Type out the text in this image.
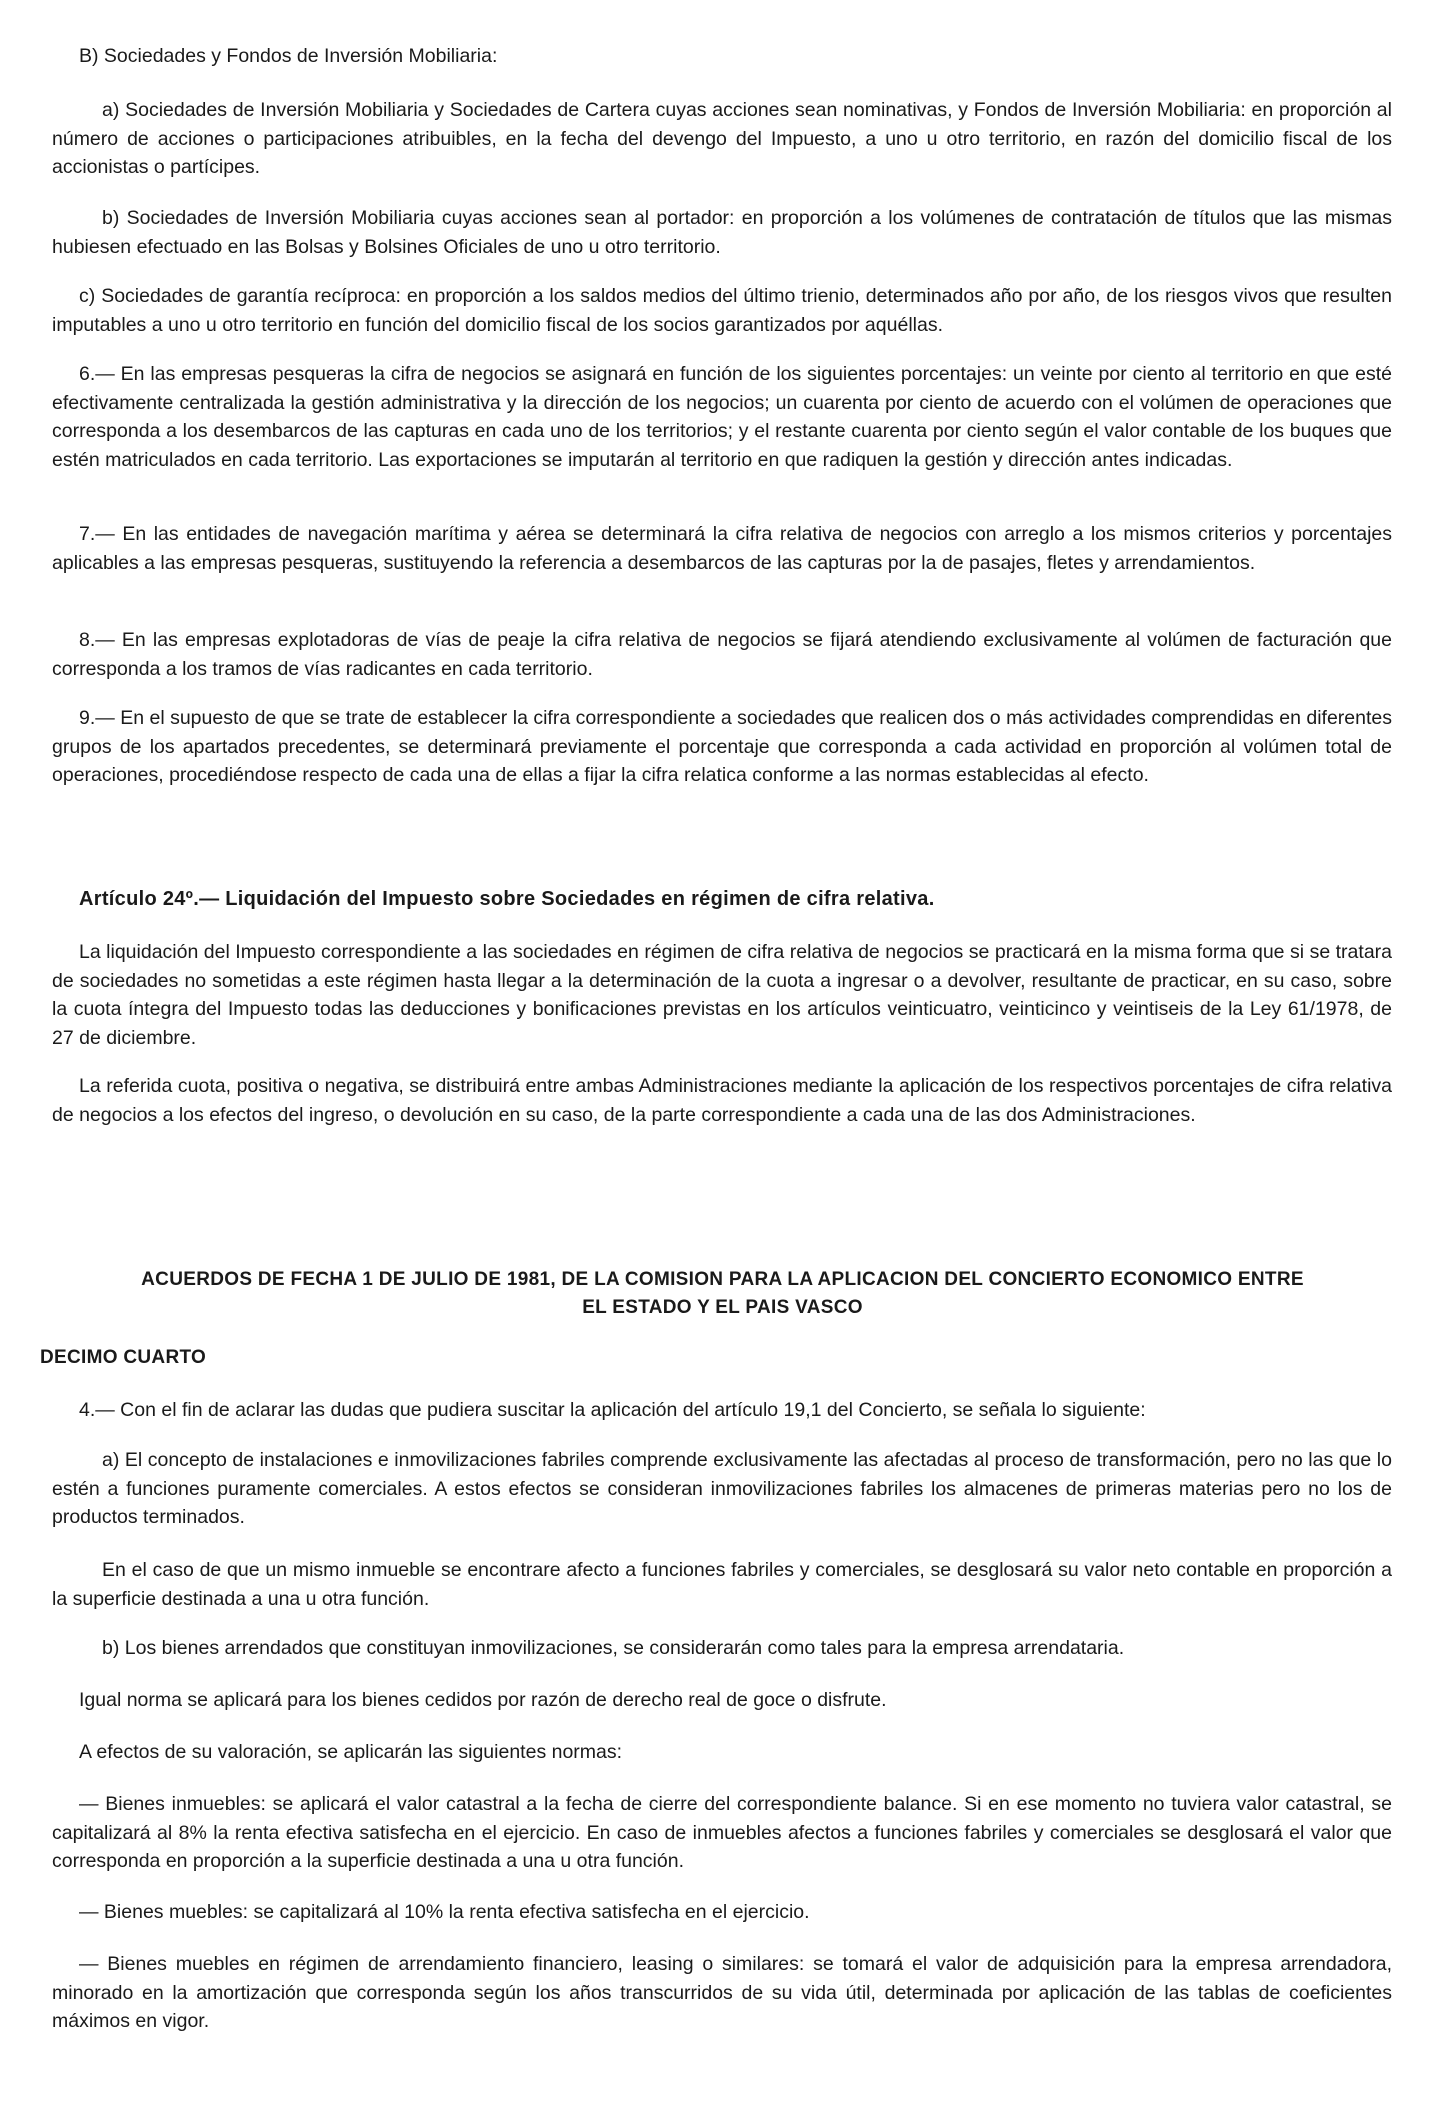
B) Sociedades y Fondos de Inversión Mobiliaria:

a) Sociedades de Inversión Mobiliaria y Sociedades de Cartera cuyas acciones sean nominativas, y Fondos de Inversión Mobiliaria: en proporción al número de acciones o participaciones atribuibles, en la fecha del devengo del Impuesto, a uno u otro territorio, en razón del domicilio fiscal de los accionistas o partícipes.

b) Sociedades de Inversión Mobiliaria cuyas acciones sean al portador: en proporción a los volúmenes de contratación de títulos que las mismas hubiesen efectuado en las Bolsas y Bolsines Oficiales de uno u otro territorio.

c) Sociedades de garantía recíproca: en proporción a los saldos medios del último trienio, determinados año por año, de los riesgos vivos que resulten imputables a uno u otro territorio en función del domicilio fiscal de los socios garantizados por aquéllas.

6.— En las empresas pesqueras la cifra de negocios se asignará en función de los siguientes porcentajes: un veinte por ciento al territorio en que esté efectivamente centralizada la gestión administrativa y la dirección de los negocios; un cuarenta por ciento de acuerdo con el volúmen de operaciones que corresponda a los desembarcos de las capturas en cada uno de los territorios; y el restante cuarenta por ciento según el valor contable de los buques que estén matriculados en cada territorio. Las exportaciones se imputarán al territorio en que radiquen la gestión y dirección antes indicadas.

7.— En las entidades de navegación marítima y aérea se determinará la cifra relativa de negocios con arreglo a los mismos criterios y porcentajes aplicables a las empresas pesqueras, sustituyendo la referencia a desembarcos de las capturas por la de pasajes, fletes y arrendamientos.

8.— En las empresas explotadoras de vías de peaje la cifra relativa de negocios se fijará atendiendo exclusivamente al volúmen de facturación que corresponda a los tramos de vías radicantes en cada territorio.

9.— En el supuesto de que se trate de establecer la cifra correspondiente a sociedades que realicen dos o más actividades comprendidas en diferentes grupos de los apartados precedentes, se determinará previamente el porcentaje que corresponda a cada actividad en proporción al volúmen total de operaciones, procediéndose respecto de cada una de ellas a fijar la cifra relatica conforme a las normas establecidas al efecto.

Artículo 24º.— Liquidación del Impuesto sobre Sociedades en régimen de cifra relativa.

La liquidación del Impuesto correspondiente a las sociedades en régimen de cifra relativa de negocios se practicará en la misma forma que si se tratara de sociedades no sometidas a este régimen hasta llegar a la determinación de la cuota a ingresar o a devolver, resultante de practicar, en su caso, sobre la cuota íntegra del Impuesto todas las deducciones y bonificaciones previstas en los artículos veinticuatro, veinticinco y veintiseis de la Ley 61/1978, de 27 de diciembre.

La referida cuota, positiva o negativa, se distribuirá entre ambas Administraciones mediante la aplicación de los respectivos porcentajes de cifra relativa de negocios a los efectos del ingreso, o devolución en su caso, de la parte correspondiente a cada una de las dos Administraciones.

ACUERDOS DE FECHA 1 DE JULIO DE 1981, DE LA COMISION PARA LA APLICACION DEL CONCIERTO ECONOMICO ENTRE

EL ESTADO Y EL PAIS VASCO

DECIMO CUARTO

4.— Con el fin de aclarar las dudas que pudiera suscitar la aplicación del artículo 19,1 del Concierto, se señala lo siguiente:

a) El concepto de instalaciones e inmovilizaciones fabriles comprende exclusivamente las afectadas al proceso de transformación, pero no las que lo estén a funciones puramente comerciales. A estos efectos se consideran inmovilizaciones fabriles los almacenes de primeras materias pero no los de productos terminados.

En el caso de que un mismo inmueble se encontrare afecto a funciones fabriles y comerciales, se desglosará su valor neto contable en proporción a la superficie destinada a una u otra función.

b) Los bienes arrendados que constituyan inmovilizaciones, se considerarán como tales para la empresa arrendataria.

Igual norma se aplicará para los bienes cedidos por razón de derecho real de goce o disfrute.

A efectos de su valoración, se aplicarán las siguientes normas:

— Bienes inmuebles: se aplicará el valor catastral a la fecha de cierre del correspondiente balance. Si en ese momento no tuviera valor catastral, se capitalizará al 8% la renta efectiva satisfecha en el ejercicio. En caso de inmuebles afectos a funciones fabriles y comerciales se desglosará el valor que corresponda en proporción a la superficie destinada a una u otra función.

— Bienes muebles: se capitalizará al 10% la renta efectiva satisfecha en el ejercicio.

— Bienes muebles en régimen de arrendamiento financiero, leasing o similares: se tomará el valor de adquisición para la empresa arrendadora, minorado en la amortización que corresponda según los años transcurridos de su vida útil, determinada por aplicación de las tablas de coeficientes máximos en vigor.
